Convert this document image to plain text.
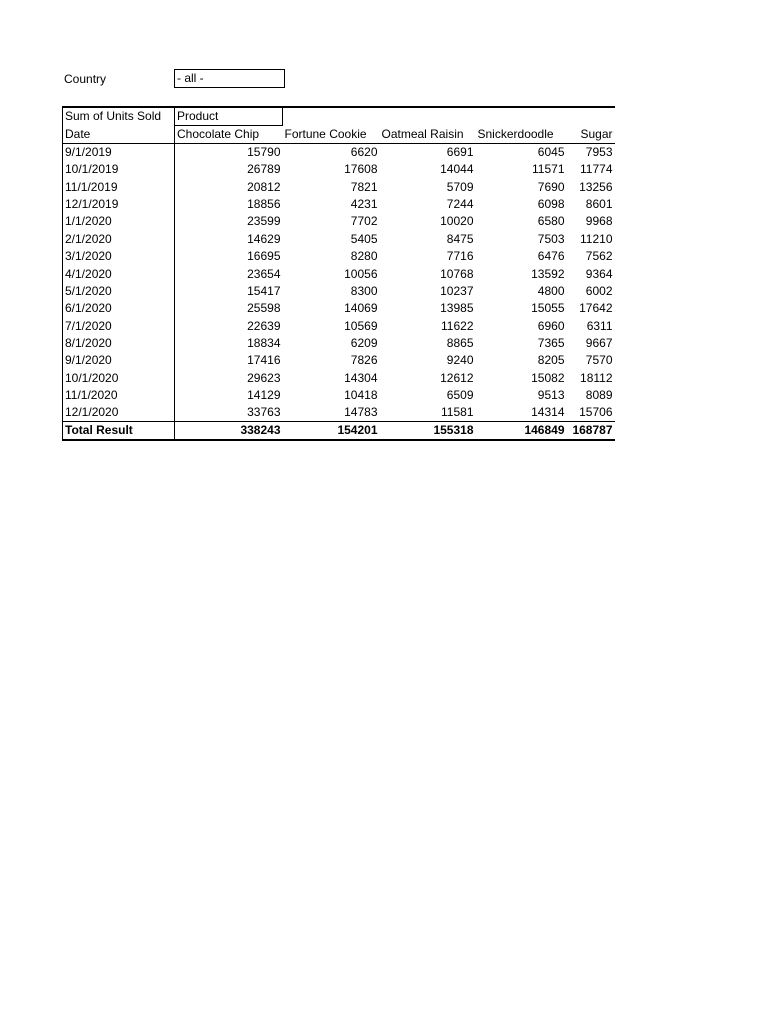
Country	- all -
Sum of Units Sold	Product				
Date	Chocolate Chip	Fortune Cookie	Oatmeal Raisin	Snickerdoodle	Sugar
9/1/2019	15790	6620	6691	6045	7953
10/1/2019	26789	17608	14044	11571	11774
11/1/2019	20812	7821	5709	7690	13256
12/1/2019	18856	4231	7244	6098	8601
1/1/2020	23599	7702	10020	6580	9968
2/1/2020	14629	5405	8475	7503	11210
3/1/2020	16695	8280	7716	6476	7562
4/1/2020	23654	10056	10768	13592	9364
5/1/2020	15417	8300	10237	4800	6002
6/1/2020	25598	14069	13985	15055	17642
7/1/2020	22639	10569	11622	6960	6311
8/1/2020	18834	6209	8865	7365	9667
9/1/2020	17416	7826	9240	8205	7570
10/1/2020	29623	14304	12612	15082	18112
11/1/2020	14129	10418	6509	9513	8089
12/1/2020	33763	14783	11581	14314	15706
Total Result	338243	154201	155318	146849	168787
